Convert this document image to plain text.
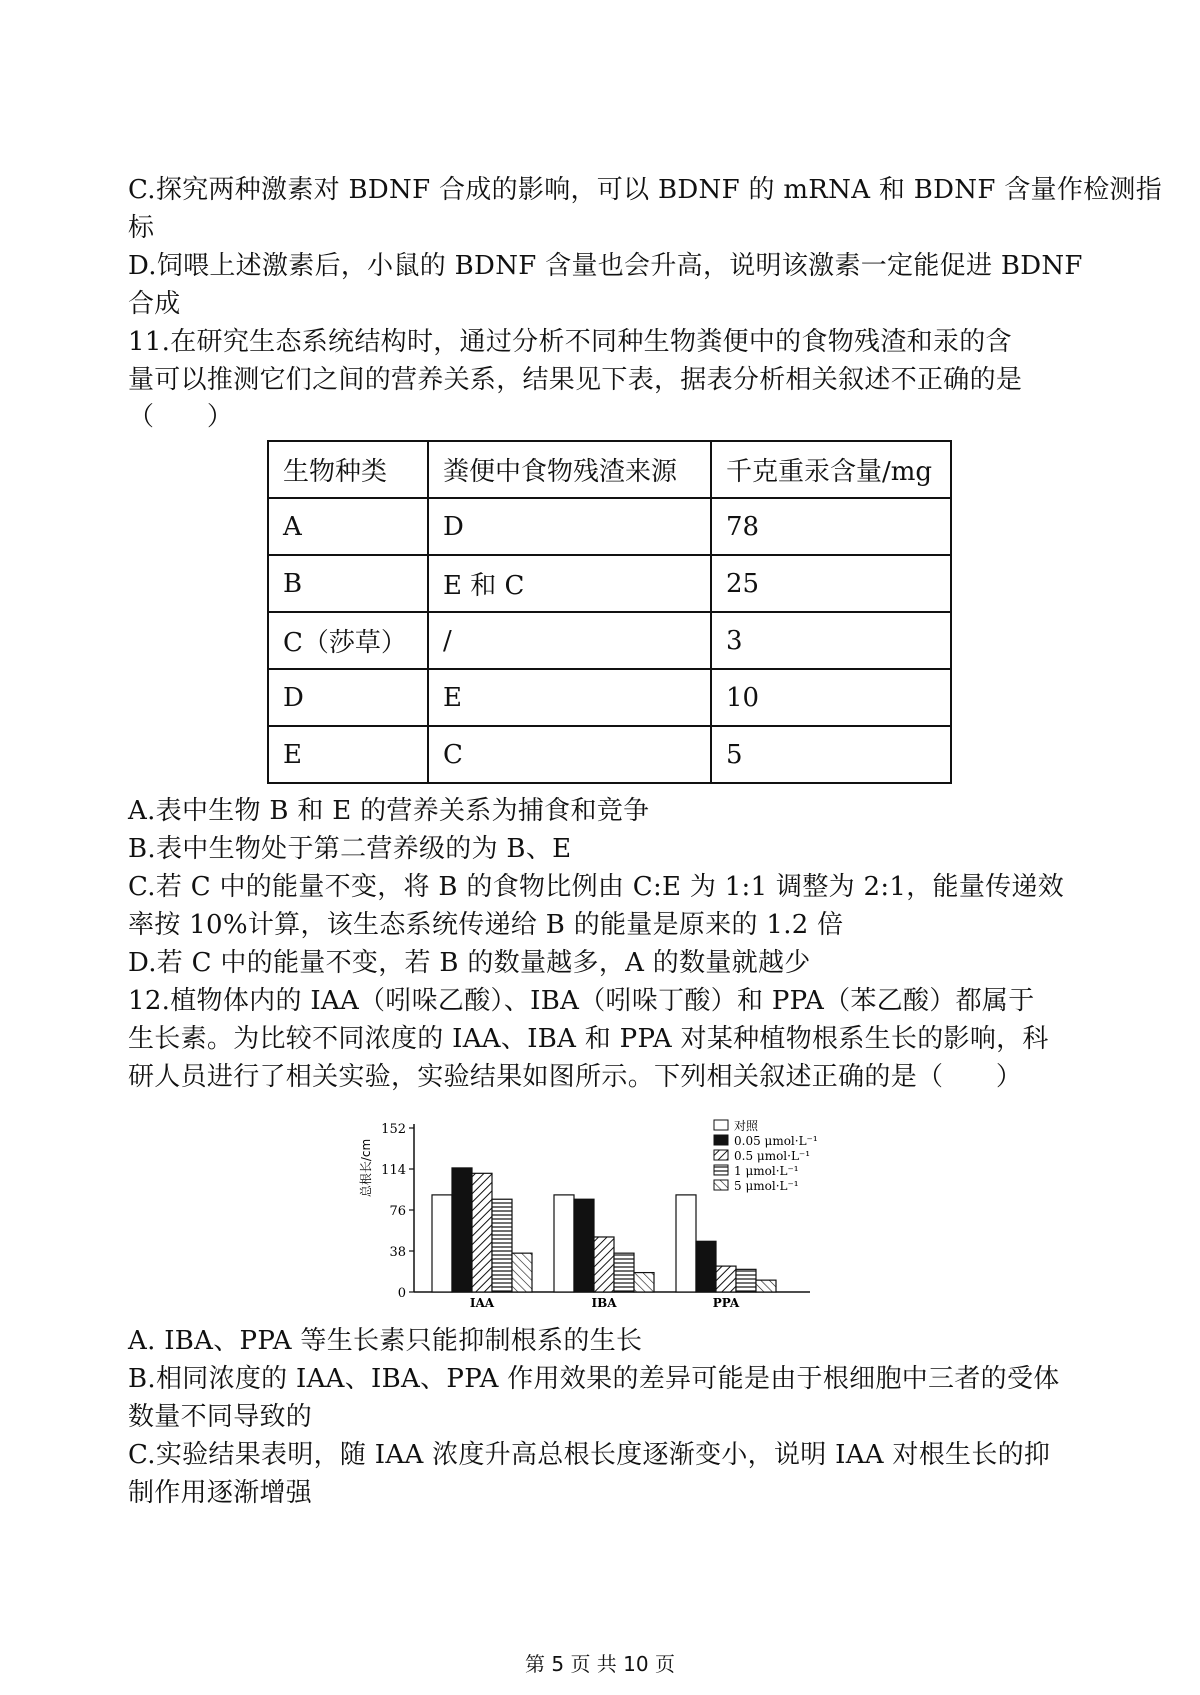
C.探究两种激素对 BDNF 合成的影响，可以 BDNF 的 mRNA 和 BDNF 含量作检测指
标
D.饲喂上述激素后，小鼠的 BDNF 含量也会升高，说明该激素一定能促进 BDNF
合成
11.在研究生态系统结构时，通过分析不同种生物粪便中的食物残渣和汞的含
量可以推测它们之间的营养关系，结果见下表，据表分析相关叙述不正确的是
（　　）
生物种类	粪便中食物残渣来源	千克重汞含量/mg
A	D	78
B	E 和 C	25
C（莎草）	/	3
D	E	10
E	C	5
A.表中生物 B 和 E 的营养关系为捕食和竞争
B.表中生物处于第二营养级的为 B、E
C.若 C 中的能量不变，将 B 的食物比例由 C:E 为 1:1 调整为 2:1，能量传递效
率按 10%计算，该生态系统传递给 B 的能量是原来的 1.2 倍
D.若 C 中的能量不变，若 B 的数量越多，A 的数量就越少
12.植物体内的 IAA（吲哚乙酸）、IBA（吲哚丁酸）和 PPA（苯乙酸）都属于
生长素。为比较不同浓度的 IAA、IBA 和 PPA 对某种植物根系生长的影响，科
研人员进行了相关实验，实验结果如图所示。下列相关叙述正确的是（　　）
0
38
76
114
152
总根长/cm
IAA	IBA	PPA
对照
0.05 μmol·L⁻¹
0.5 μmol·L⁻¹
1 μmol·L⁻¹
5 μmol·L⁻¹
A. IBA、PPA 等生长素只能抑制根系的生长
B.相同浓度的 IAA、IBA、PPA 作用效果的差异可能是由于根细胞中三者的受体
数量不同导致的
C.实验结果表明，随 IAA 浓度升高总根长度逐渐变小，说明 IAA 对根生长的抑
制作用逐渐增强
第 5 页 共 10 页
